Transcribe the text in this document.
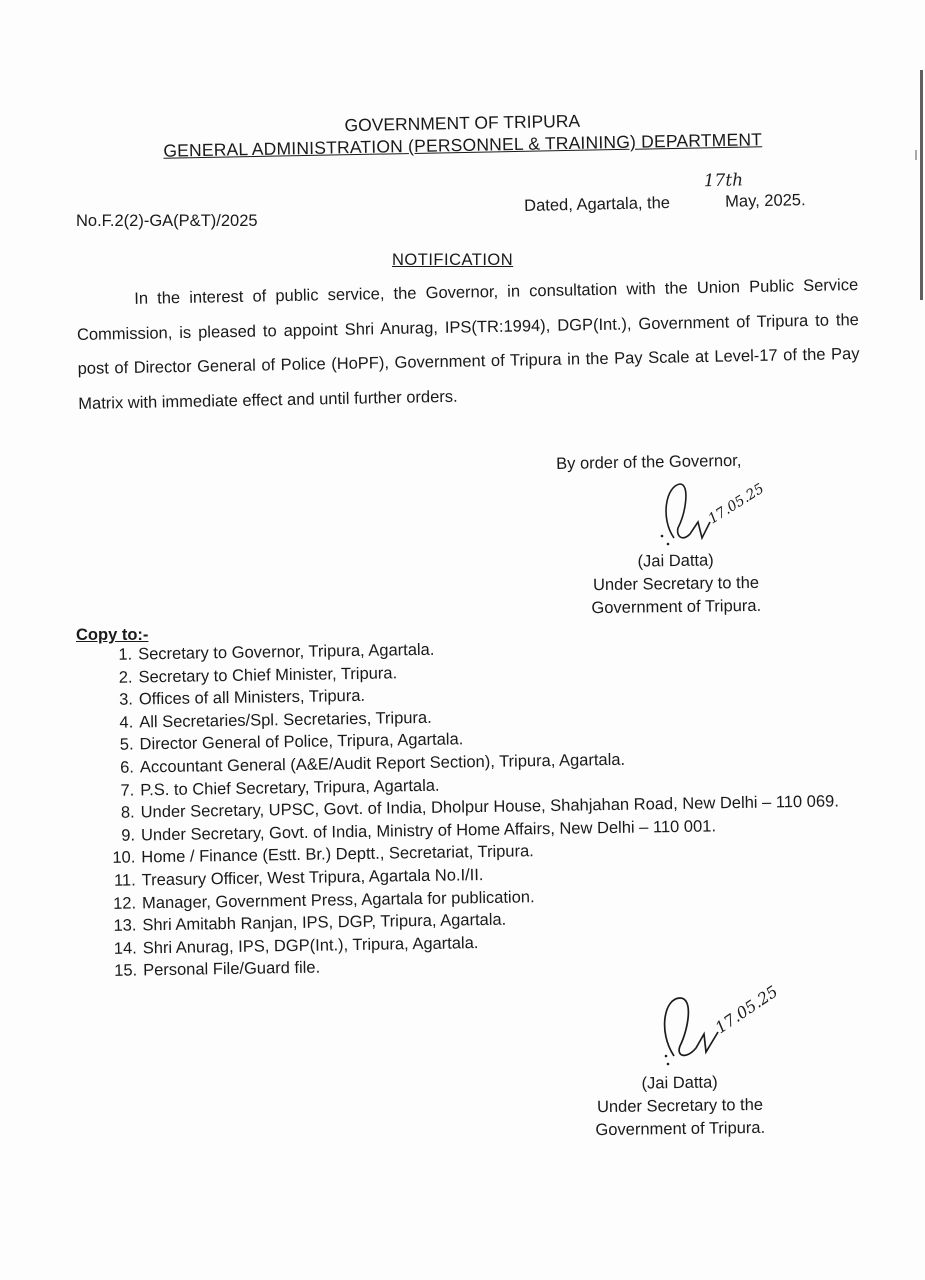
GOVERNMENT OF TRIPURA
GENERAL ADMINISTRATION (PERSONNEL & TRAINING) DEPARTMENT
No.F.2(2)-GA(P&T)/2025
Dated, Agartala, the
17th
May, 2025.
NOTIFICATION

In the interest of public service, the Governor, in consultation with the Union Public Service Commission, is pleased to appoint Shri Anurag, IPS(TR:1994), DGP(Int.), Government of Tripura to the post of Director General of Police (HoPF), Government of Tripura in the Pay Scale at Level-17 of the Pay Matrix with immediate effect and until further orders.

By order of the Governor,
17.05.25
(Jai Datta)
Under Secretary to the
Government of Tripura.
Copy to:-
1. Secretary to Governor, Tripura, Agartala.
2. Secretary to Chief Minister, Tripura.
3. Offices of all Ministers, Tripura.
4. All Secretaries/Spl. Secretaries, Tripura.
5. Director General of Police, Tripura, Agartala.
6. Accountant General (A&E/Audit Report Section), Tripura, Agartala.
7. P.S. to Chief Secretary, Tripura, Agartala.
8. Under Secretary, UPSC, Govt. of India, Dholpur House, Shahjahan Road, New Delhi – 110 069.
9. Under Secretary, Govt. of India, Ministry of Home Affairs, New Delhi – 110 001.
10. Home / Finance (Estt. Br.) Deptt., Secretariat, Tripura.
11. Treasury Officer, West Tripura, Agartala No.I/II.
12. Manager, Government Press, Agartala for publication.
13. Shri Amitabh Ranjan, IPS, DGP, Tripura, Agartala.
14. Shri Anurag, IPS, DGP(Int.), Tripura, Agartala.
15. Personal File/Guard file.
17.05.25
(Jai Datta)
Under Secretary to the
Government of Tripura.
